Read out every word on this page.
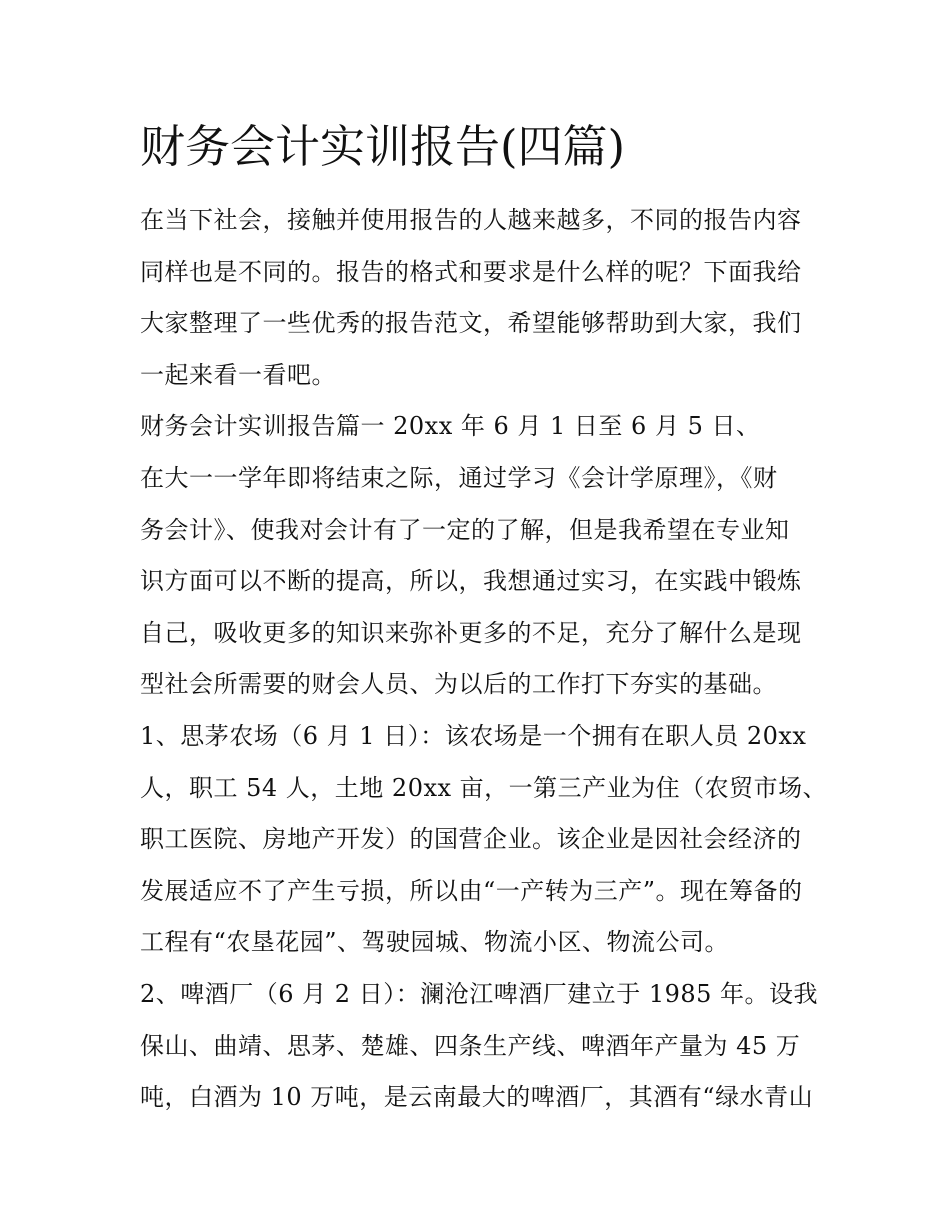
财务会计实训报告(四篇)
在当下社会，接触并使用报告的人越来越多，不同的报告内容
同样也是不同的。报告的格式和要求是什么样的呢？下面我给
大家整理了一些优秀的报告范文，希望能够帮助到大家，我们
一起来看一看吧。
财务会计实训报告篇一 20xx 年 6 月 1 日至 6 月 5 日、
在大一一学年即将结束之际，通过学习《会计学原理》，《财
务会计》、使我对会计有了一定的了解，但是我希望在专业知
识方面可以不断的提高，所以，我想通过实习，在实践中锻炼
自己，吸收更多的知识来弥补更多的不足，充分了解什么是现
型社会所需要的财会人员、为以后的工作打下夯实的基础。
1、思茅农场（6 月 1 日）：该农场是一个拥有在职人员 20xx
人，职工 54 人，土地 20xx 亩，一第三产业为住（农贸市场、
职工医院、房地产开发）的国营企业。该企业是因社会经济的
发展适应不了产生亏损，所以由“一产转为三产”。现在筹备的
工程有“农垦花园”、驾驶园城、物流小区、物流公司。
2、啤酒厂（6 月 2 日）：澜沧江啤酒厂建立于 1985 年。设我
保山、曲靖、思茅、楚雄、四条生产线、啤酒年产量为 45 万
吨，白酒为 10 万吨，是云南最大的啤酒厂，其酒有“绿水青山
